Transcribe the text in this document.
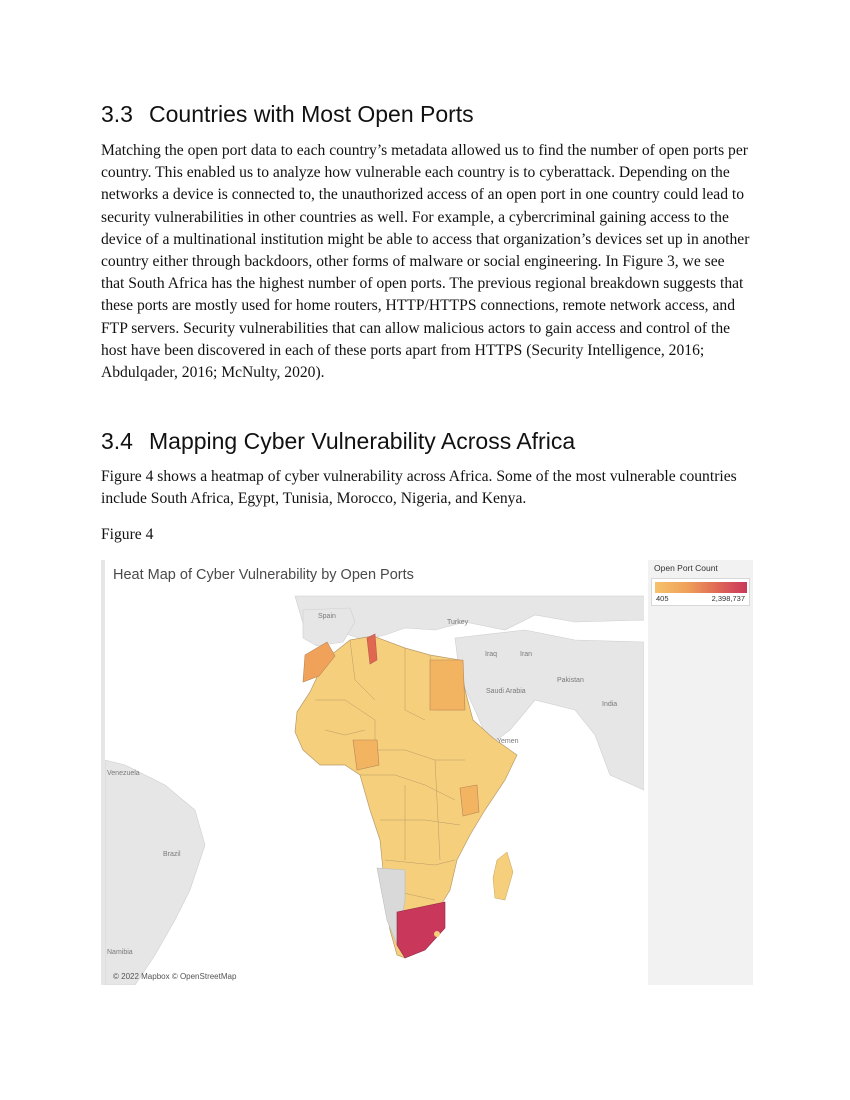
3.3 Countries with Most Open Ports

Matching the open port data to each country’s metadata allowed us to find the number of open ports per country. This enabled us to analyze how vulnerable each country is to cyberattack. Depending on the networks a device is connected to, the unauthorized access of an open port in one country could lead to security vulnerabilities in other countries as well. For example, a cybercriminal gaining access to the device of a multinational institution might be able to access that organization’s devices set up in another country either through backdoors, other forms of malware or social engineering. In Figure 3, we see that South Africa has the highest number of open ports. The previous regional breakdown suggests that these ports are mostly used for home routers, HTTP/HTTPS connections, remote network access, and FTP servers. Security vulnerabilities that can allow malicious actors to gain access and control of the host have been discovered in each of these ports apart from HTTPS (Security Intelligence, 2016; Abdulqader, 2016; McNulty, 2020).

3.4 Mapping Cyber Vulnerability Across Africa

Figure 4 shows a heatmap of cyber vulnerability across Africa. Some of the most vulnerable countries include South Africa, Egypt, Tunisia, Morocco, Nigeria, and Kenya.

Figure 4

Spain
Turkey
Iraq	Iran
Pakistan
Saudi Arabia
India
Yemen
Venezuela
Brazil
Namibia
Heat Map of Cyber Vulnerability by Open Ports
© 2022 Mapbox © OpenStreetMap
Open Port Count
405	2,398,737
